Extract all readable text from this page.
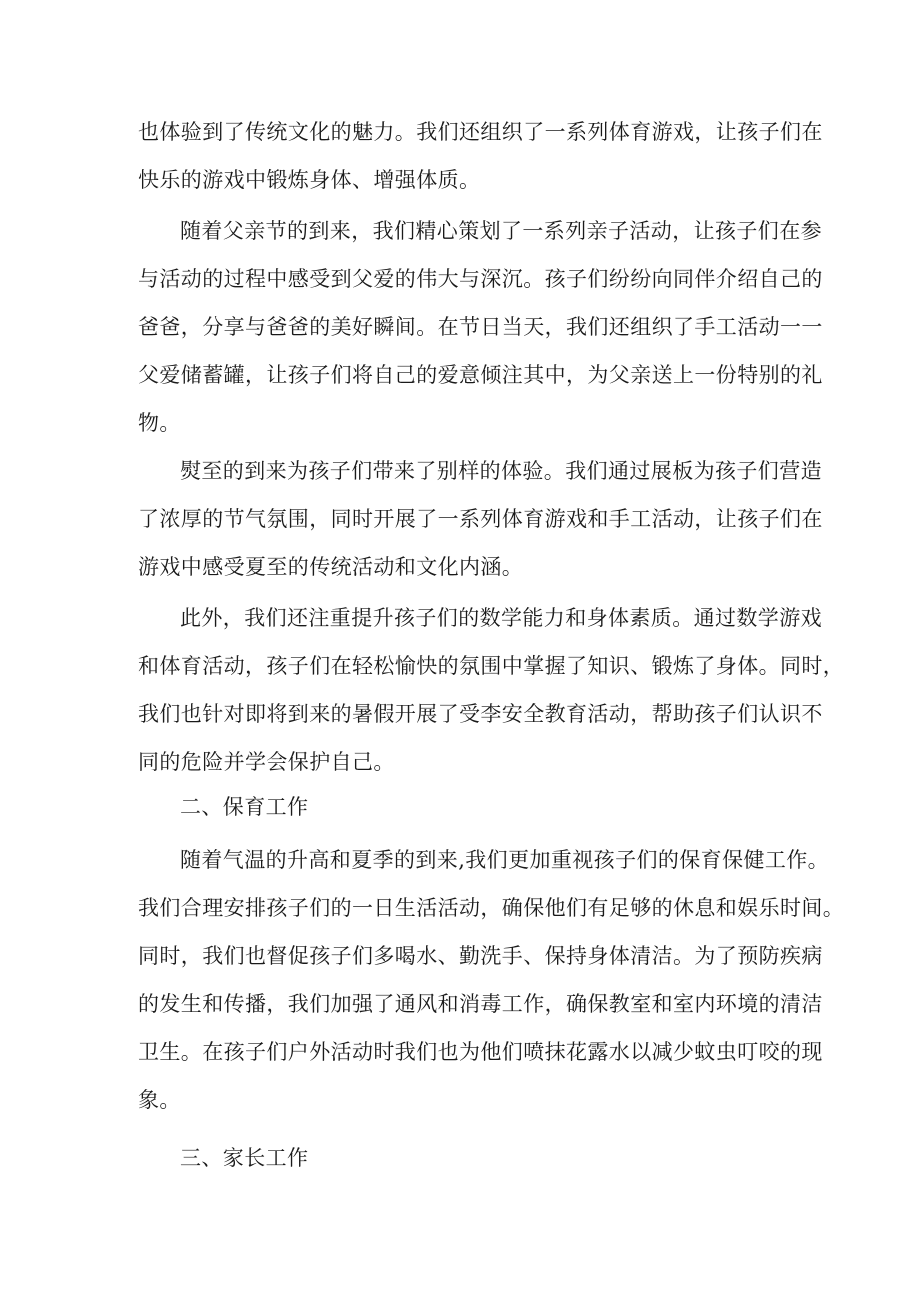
也体验到了传统文化的魅力。我们还组织了一系列体育游戏，让孩子们在
快乐的游戏中锻炼身体、增强体质。
随着父亲节的到来，我们精心策划了一系列亲子活动，让孩子们在参
与活动的过程中感受到父爱的伟大与深沉。孩子们纷纷向同伴介绍自己的
爸爸，分享与爸爸的美好瞬间。在节日当天，我们还组织了手工活动一一
父爱储蓄罐，让孩子们将自己的爱意倾注其中，为父亲送上一份特别的礼
物。
熨至的到来为孩子们带来了别样的体验。我们通过展板为孩子们营造
了浓厚的节气氛围，同时开展了一系列体育游戏和手工活动，让孩子们在
游戏中感受夏至的传统活动和文化内涵。
此外，我们还注重提升孩子们的数学能力和身体素质。通过数学游戏
和体育活动，孩子们在轻松愉快的氛围中掌握了知识、锻炼了身体。同时，
我们也针对即将到来的暑假开展了受李安全教育活动，帮助孩子们认识不
同的危险并学会保护自己。
二、保育工作
随着气温的升高和夏季的到来,我们更加重视孩子们的保育保健工作。
我们合理安排孩子们的一日生活活动，确保他们有足够的休息和娱乐时间。
同时，我们也督促孩子们多喝水、勤洗手、保持身体清洁。为了预防疾病
的发生和传播，我们加强了通风和消毒工作，确保教室和室内环境的清洁
卫生。在孩子们户外活动时我们也为他们喷抹花露水以减少蚊虫叮咬的现
象。
三、家长工作
